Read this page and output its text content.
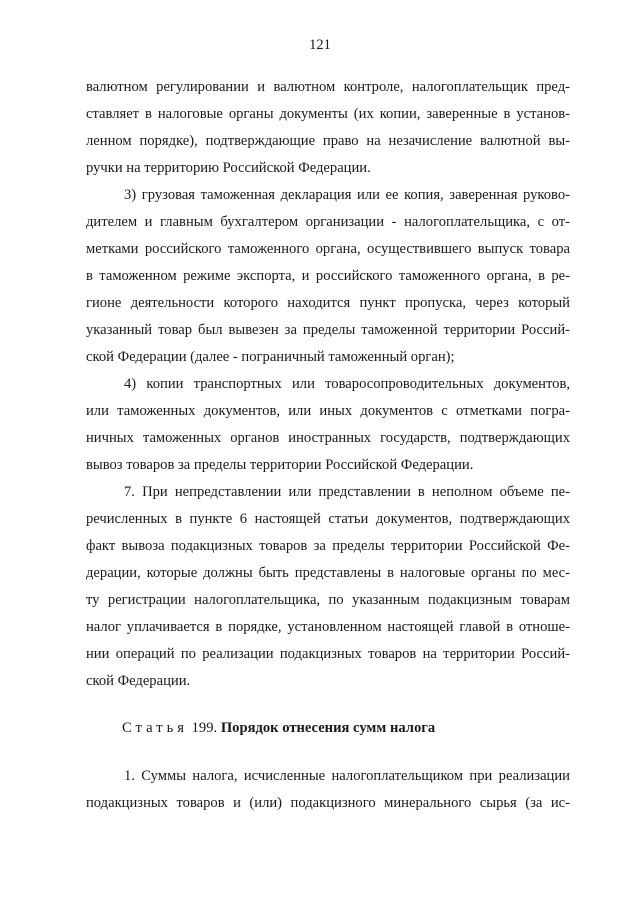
121
валютном регулировании и валютном контроле, налогоплательщик пред-
ставляет в налоговые органы документы (их копии, заверенные в установ-
ленном порядке), подтверждающие право на незачисление валютной вы-
ручки на территорию Российской Федерации.
3) грузовая таможенная декларация или ее копия, заверенная руково-
дителем и главным бухгалтером организации - налогоплательщика, с от-
метками российского таможенного органа, осуществившего выпуск товара
в таможенном режиме экспорта, и российского таможенного органа, в ре-
гионе деятельности которого находится пункт пропуска, через который
указанный товар был вывезен за пределы таможенной территории Россий-
ской Федерации (далее - пограничный таможенный орган);
4) копии транспортных или товаросопроводительных документов,
или таможенных документов, или иных документов с отметками погра-
ничных таможенных органов иностранных государств, подтверждающих
вывоз товаров за пределы территории Российской Федерации.
7. При непредставлении или представлении в неполном объеме пе-
речисленных в пункте 6 настоящей статьи документов, подтверждающих
факт вывоза подакцизных товаров за пределы территории Российской Фе-
дерации, которые должны быть представлены в налоговые органы по мес-
ту регистрации налогоплательщика, по указанным подакцизным товарам
налог уплачивается в порядке, установленном настоящей главой в отноше-
нии операций по реализации подакцизных товаров на территории Россий-
ской Федерации.
Статья 199. Порядок отнесения сумм налога
1. Суммы налога, исчисленные налогоплательщиком при реализации
подакцизных товаров и (или) подакцизного минерального сырья (за ис-
